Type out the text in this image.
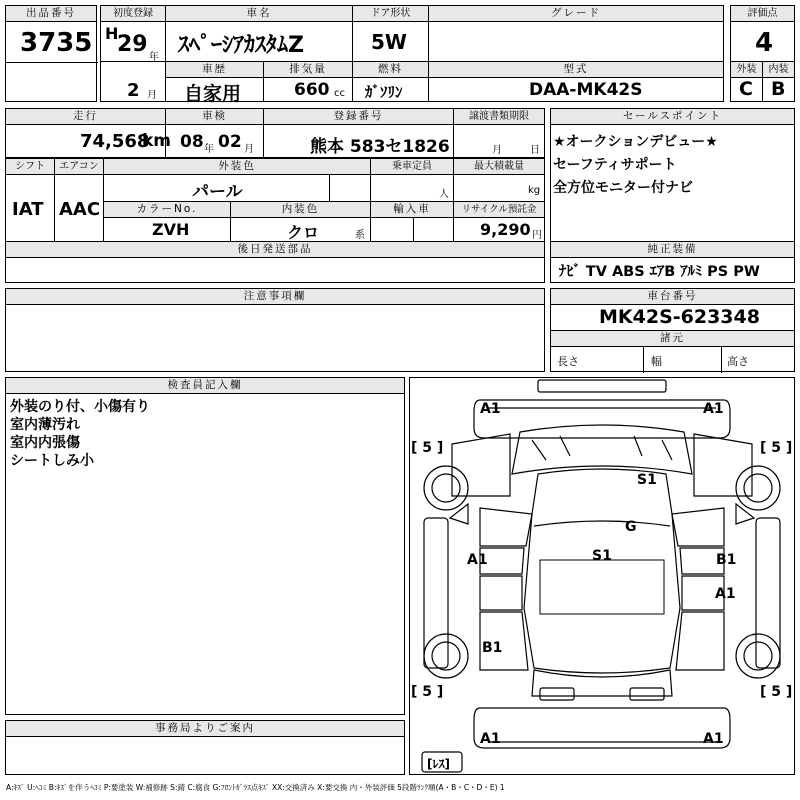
出品番号
3735
初度登録
H
29
年
2 月
車名
ｽﾍﾟｰｼｱｶｽﾀﾑZ
ドア形状
5W
グレード	評価点
4
車歴
自家用
排気量
660 cc
燃料
ｶﾞｿﾘﾝ
型式
DAA-MK42S
外装
C
内装
B
走行
74,568
km
車検
08 年 02 月
登録番号
熊本 583セ1826
譲渡書類期限
月	日
セールスポイント
★オークションデビュー★
セーフティサポート
全方位モニター付ナビ
シフト
IAT
エアコン
AAC
外装色
パール
乗車定員
人
最大積載量
kg
カラーNo.
ZVH
内装色
クロ	系
輸入車	リサイクル預託金
9,290 円
後日発送部品	純正装備
ﾅﾋﾞ TV ABS ｴｱB ｱﾙﾐ PS PW
注意事項欄	車台番号
MK42S-623348
諸元
長さ	幅	高さ
検査員記入欄
外装のり付、小傷有り
室内薄汚れ
室内内張傷
シートしみ小
事務局よりご案内
A1	A1
S1
G
S1
A1	B1
A1
B1
A1	A1
[ 5 ]	[ 5 ]
[ 5 ]	[ 5 ]
[ﾚｽ]
A:ｷｽﾞ U:ﾍｺﾐ B:ｷｽﾞを伴うﾍｺﾐ P:要塗装 W:補修跡 S:錆 C:腐食 G:ﾌﾛﾝﾄｶﾞﾗｽ点ｷｽﾞ XX:交換済み X:要交換 内・外装評価 5段階ﾗﾝｸ順(A・B・C・D・E) 1
